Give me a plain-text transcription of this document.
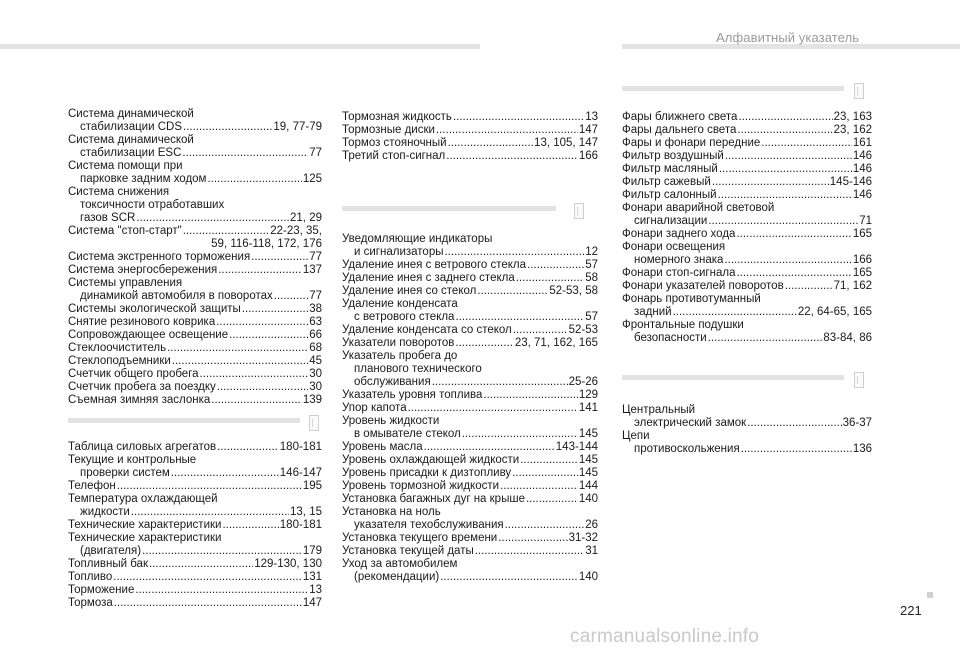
Алфавитный указатель
Система динамической
стабилизации CDS .....	19, 77-79
Система динамической
стабилизации ESC .....	77
Система помощи при
парковке задним ходом .....	125
Система снижения
токсичности отработавших
газов SCR .....	21, 29
Система "стоп-старт" .....	22-23, 35,
59, 116-118, 172, 176
Система экстренного торможения .....	77
Система энергосбережения .....	137
Системы управления
динамикой автомобиля в поворотах .....	77
Системы экологической защиты .....	38
Снятие резинового коврика .....	63
Сопровождающее освещение .....	66
Стеклоочиститель .....	68
Стеклоподъемники .....	45
Счетчик общего пробега .....	30
Счетчик пробега за поездку .....	30
Съемная зимняя заслонка .....	139
Таблица силовых агрегатов .....	180-181
Текущие и контрольные
проверки систем .....	146-147
Телефон .....	195
Температура охлаждающей
жидкости .....	13, 15
Технические характеристики .....	180-181
Технические характеристики
(двигателя) .....	179
Топливный бак .....	129-130, 130
Топливо .....	131
Торможение .....	13
Тормоза .....	147
Тормозная жидкость .....	13
Тормозные диски .....	147
Тормоз стояночный .....	13, 105, 147
Третий стоп-сигнал .....	166
Уведомляющие индикаторы
и сигнализаторы .....	12
Удаление инея с ветрового стекла .....	57
Удаление инея с заднего стекла .....	58
Удаление инея со стекол .....	52-53, 58
Удаление конденсата
с ветрового стекла .....	57
Удаление конденсата со стекол .....	52-53
Указатели поворотов .....	23, 71, 162, 165
Указатель пробега до
планового технического
обслуживания .....	25-26
Указатель уровня топлива .....	129
Упор капота .....	141
Уровень жидкости
в омывателе стекол .....	145
Уровень масла .....	143-144
Уровень охлаждающей жидкости .....	145
Уровень присадки к дизтопливу .....	145
Уровень тормозной жидкости .....	144
Установка багажных дуг на крыше .....	140
Установка на ноль
указателя техобслуживания .....	26
Установка текущего времени .....	31-32
Установка текущей даты .....	31
Уход за автомобилем
(рекомендации) .....	140
Фары ближнего света .....	23, 163
Фары дальнего света .....	23, 162
Фары и фонари передние .....	161
Фильтр воздушный .....	146
Фильтр масляный .....	146
Фильтр сажевый .....	145-146
Фильтр салонный .....	146
Фонари аварийной световой
сигнализации .....	71
Фонари заднего хода .....	165
Фонари освещения
номерного знака .....	166
Фонари стоп-сигнала .....	165
Фонари указателей поворотов .....	71, 162
Фонарь противотуманный
задний .....	22, 64-65, 165
Фронтальные подушки
безопасности .....	83-84, 86
Центральный
электрический замок .....	36-37
Цепи
противоскольжения .....	136
221
carmanualsonline.info
